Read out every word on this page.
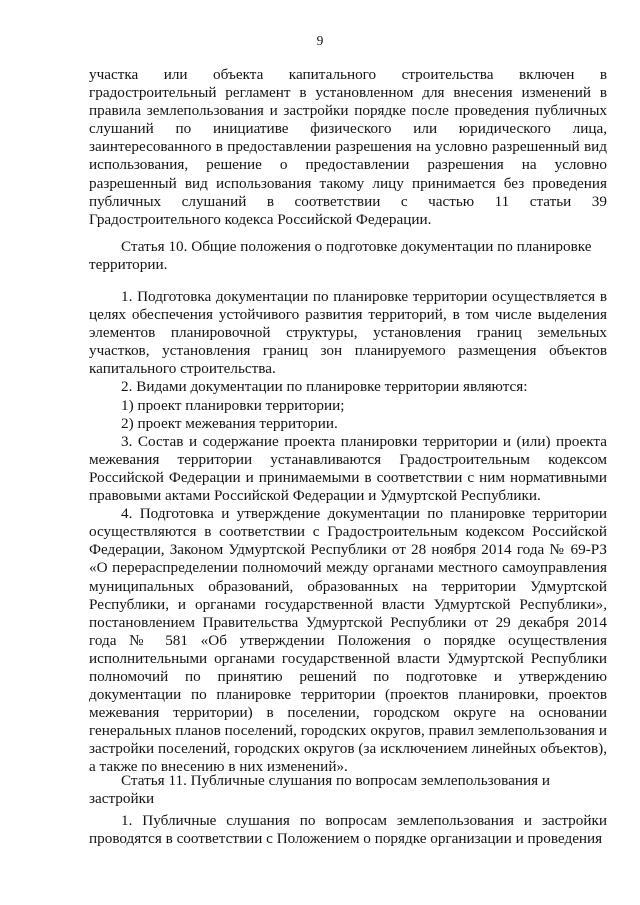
9

участка или объекта капитального строительства включен в градостроительный регламент в установленном для внесения изменений в правила землепользования и застройки порядке после проведения публичных слушаний по инициативе физического или юридического лица, заинтересованного в предоставлении разрешения на условно разрешенный вид использования, решение о предоставлении разрешения на условно разрешенный вид использования такому лицу принимается без проведения публичных слушаний в соответствии с частью 11 статьи 39 Градостроительного кодекса Российской Федерации.

Статья 10. Общие положения о подготовке документации по планировке территории.

1. Подготовка документации по планировке территории осуществляется в целях обеспечения устойчивого развития территорий, в том числе выделения элементов планировочной структуры, установления границ земельных участков, установления границ зон планируемого размещения объектов капитального строительства.

2. Видами документации по планировке территории являются:

1) проект планировки территории;

2) проект межевания территории.

3. Состав и содержание проекта планировки территории и (или) проекта межевания территории устанавливаются Градостроительным кодексом Российской Федерации и принимаемыми в соответствии с ним нормативными правовыми актами Российской Федерации и Удмуртской Республики.

4. Подготовка и утверждение документации по планировке территории осуществляются в соответствии с Градостроительным кодексом Российской Федерации, Законом Удмуртской Республики от 28 ноября 2014 года № 69-РЗ «О перераспределении полномочий между органами местного самоуправления муниципальных образований, образованных на территории Удмуртской Республики, и органами государственной власти Удмуртской Республики», постановлением Правительства Удмуртской Республики от 29 декабря 2014 года № 581 «Об утверждении Положения о порядке осуществления исполнительными органами государственной власти Удмуртской Республики полномочий по принятию решений по подготовке и утверждению документации по планировке территории (проектов планировки, проектов межевания территории) в поселении, городском округе на основании генеральных планов поселений, городских округов, правил землепользования и застройки поселений, городских округов (за исключением линейных объектов), а также по внесению в них изменений».

Статья 11. Публичные слушания по вопросам землепользования и застройки

1. Публичные слушания по вопросам землепользования и застройки проводятся в соответствии с Положением о порядке организации и проведения
